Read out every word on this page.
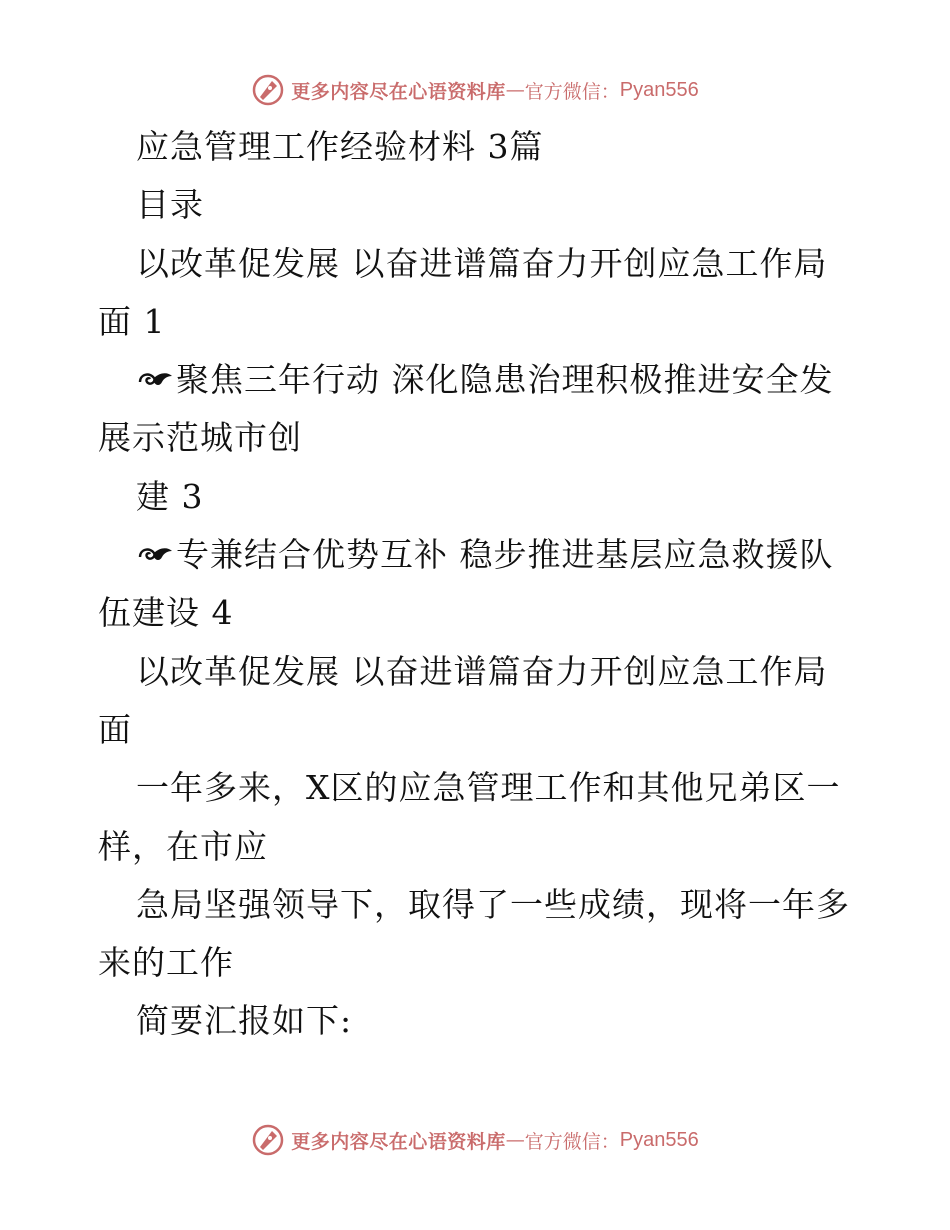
更多内容尽在心语资料库 — 官方微信： Pyan556
应急管理工作经验材料 3篇
目录
以改革促发展 以奋进谱篇奋力开创应急工作局
面 1
聚焦三年行动 深化隐患治理积极推进安全发
展示范城市创
建 3
专兼结合优势互补 稳步推进基层应急救援队
伍建设 4
以改革促发展 以奋进谱篇奋力开创应急工作局
面
一年多来，X区的应急管理工作和其他兄弟区一
样，在市应
急局坚强领导下，取得了一些成绩，现将一年多
来的工作
简要汇报如下:
更多内容尽在心语资料库 — 官方微信： Pyan556
